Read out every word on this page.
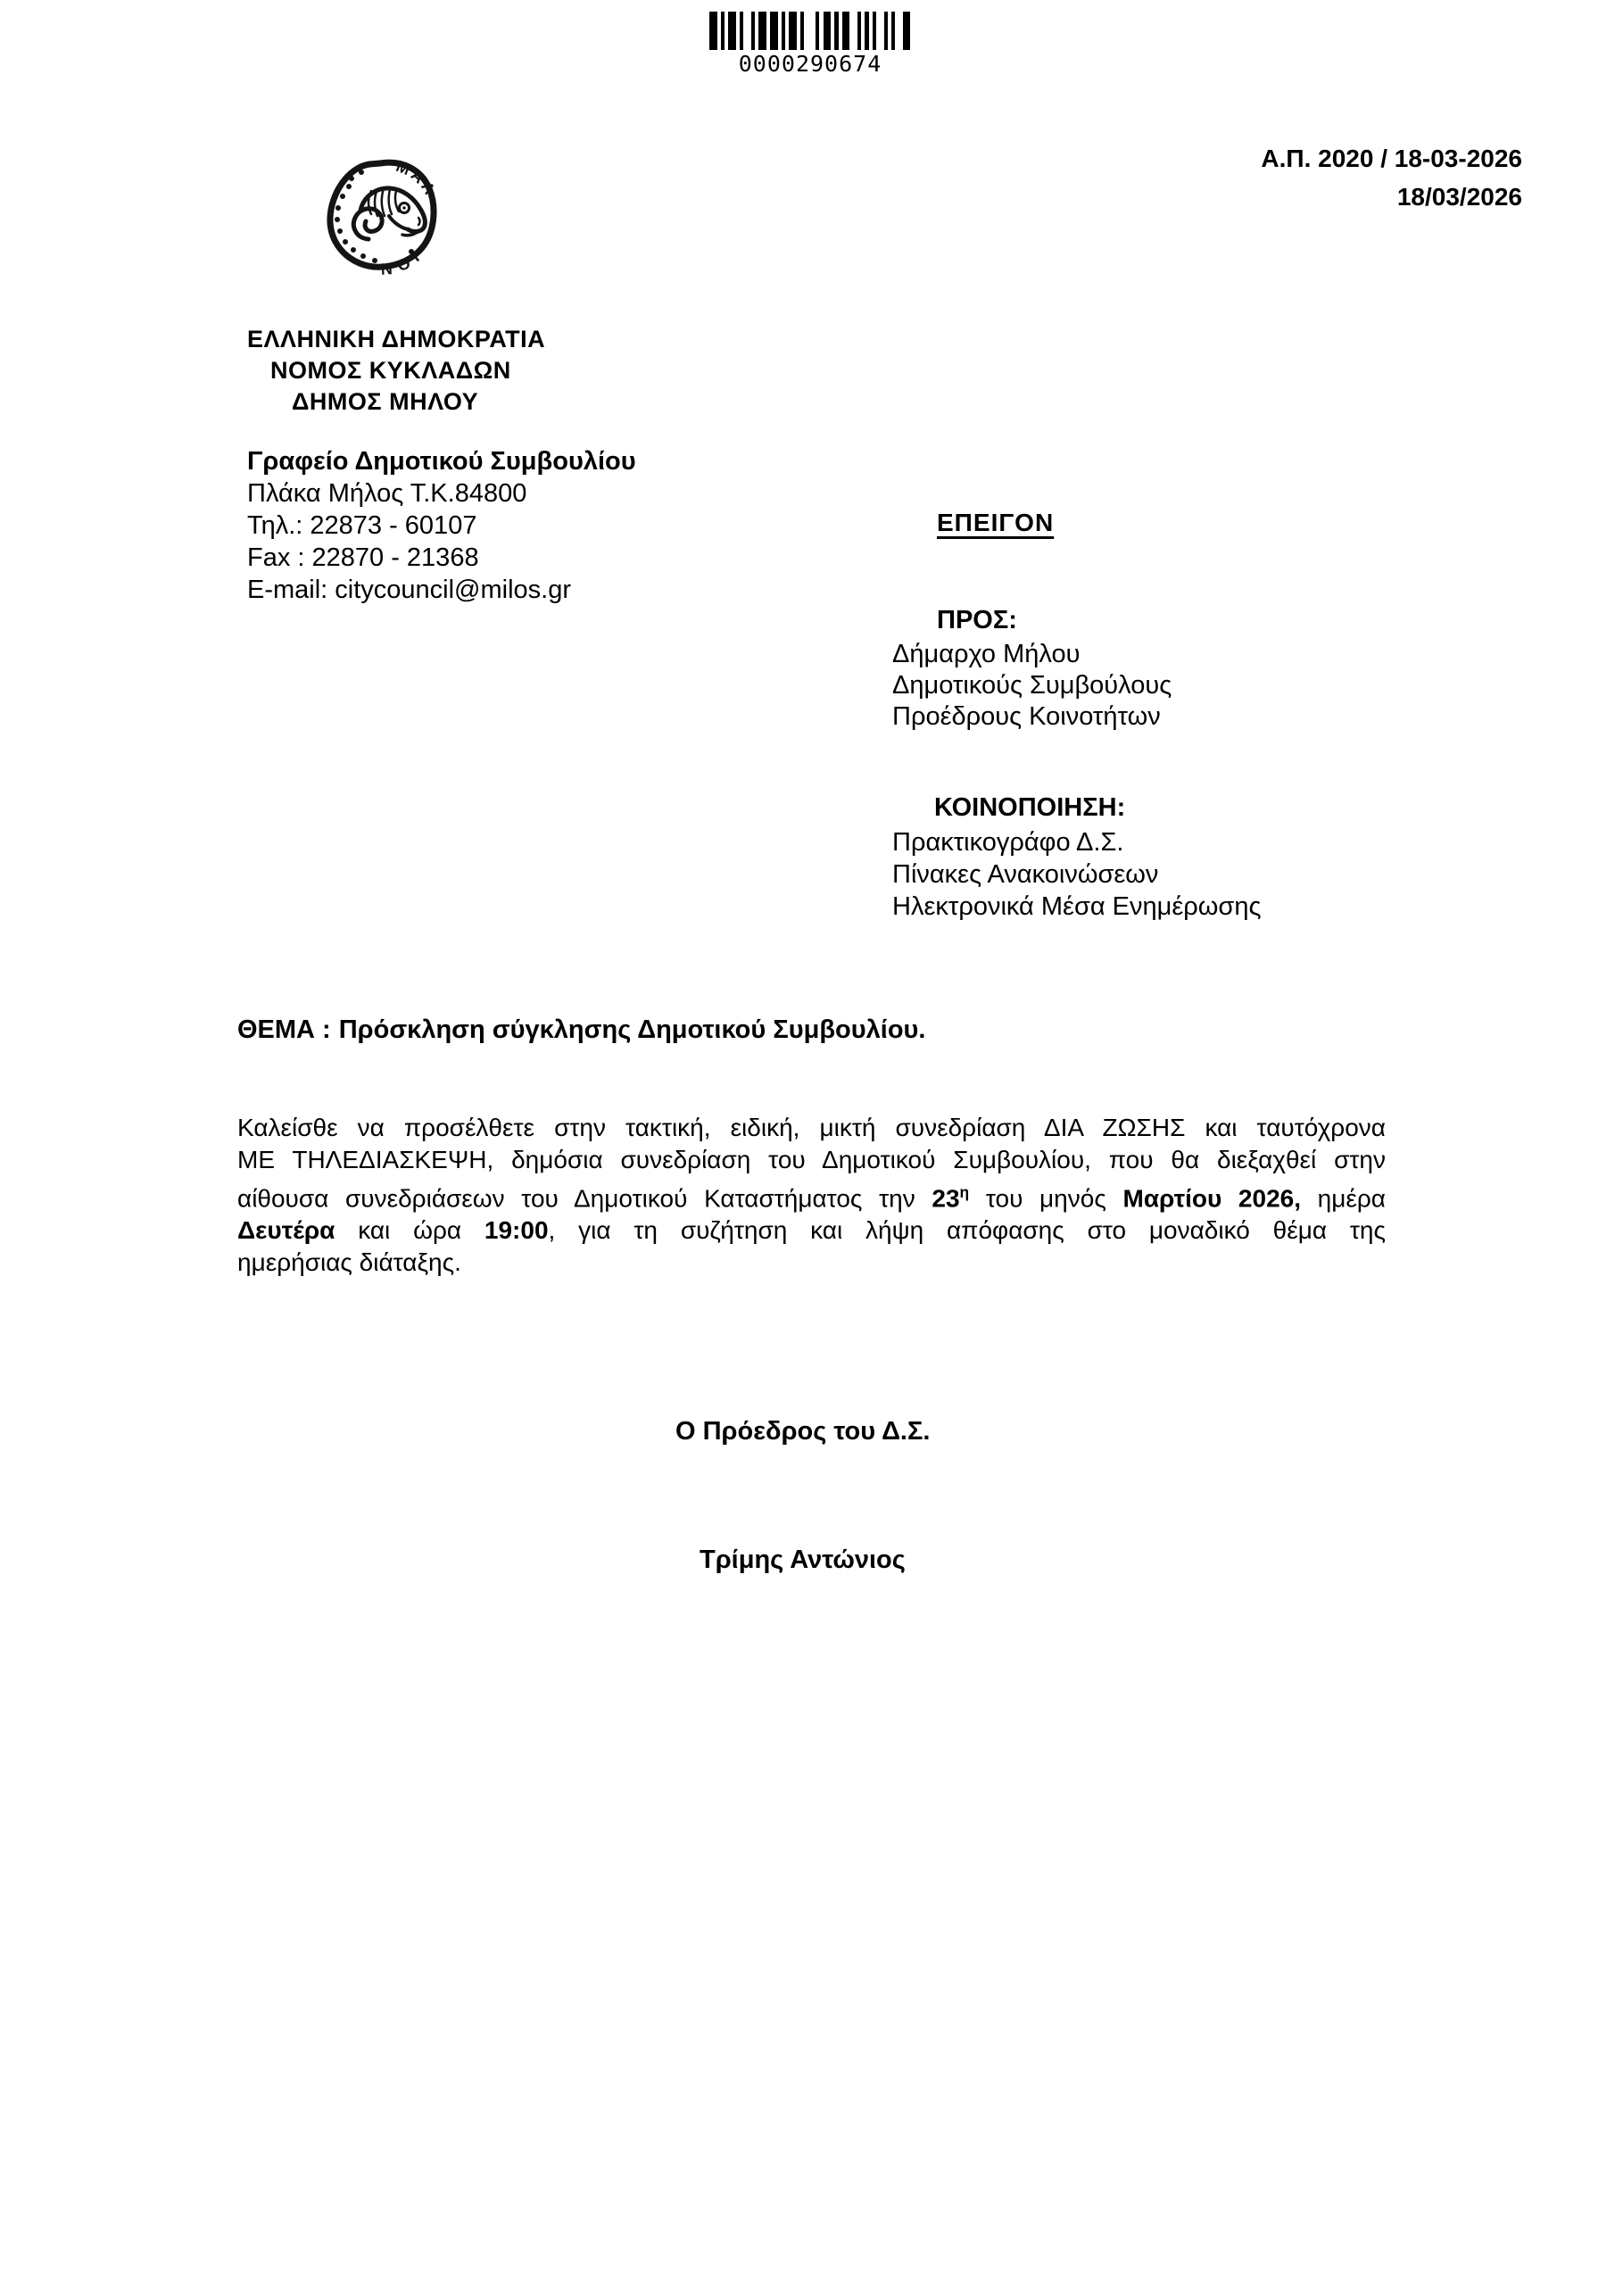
0000290674
Α.Π. 2020 / 18-03-2026
18/03/2026
ΜΑΛ
ΙΟΝ
ΕΛΛΗΝΙΚΗ ΔΗΜΟΚΡΑΤΙΑ
ΝΟΜΟΣ ΚΥΚΛΑΔΩΝ
ΔΗΜΟΣ ΜΗΛΟΥ
Γραφείο Δημοτικού Συμβουλίου
Πλάκα Μήλος Τ.Κ.84800
Τηλ.: 22873 - 60107
Fax : 22870 - 21368
E-mail: citycouncil@milos.gr
ΕΠΕΙΓΟΝ
ΠΡΟΣ:
Δήμαρχο Μήλου
Δημοτικούς Συμβούλους
Προέδρους Κοινοτήτων
ΚΟΙΝΟΠΟΙΗΣΗ:
Πρακτικογράφο Δ.Σ.
Πίνακες Ανακοινώσεων
Ηλεκτρονικά Μέσα Ενημέρωσης
ΘΕΜΑ : Πρόσκληση σύγκλησης Δημοτικού Συμβουλίου.
Καλείσθε να προσέλθετε στην τακτική, ειδική, μικτή συνεδρίαση ΔΙΑ ΖΩΣΗΣ και ταυτόχρονα
ΜΕ ΤΗΛΕΔΙΑΣΚΕΨΗ, δημόσια συνεδρίαση του Δημοτικού Συμβουλίου, που θα διεξαχθεί στην
αίθουσα συνεδριάσεων του Δημοτικού Καταστήματος την $23^\eta$ του μηνός Μαρτίου 2026, ημέρα
Δευτέρα και ώρα 19:00, για τη συζήτηση και λήψη απόφασης στο μοναδικό θέμα της
ημερήσιας διάταξης.
Ο Πρόεδρος του Δ.Σ.
Τρίμης Αντώνιος
